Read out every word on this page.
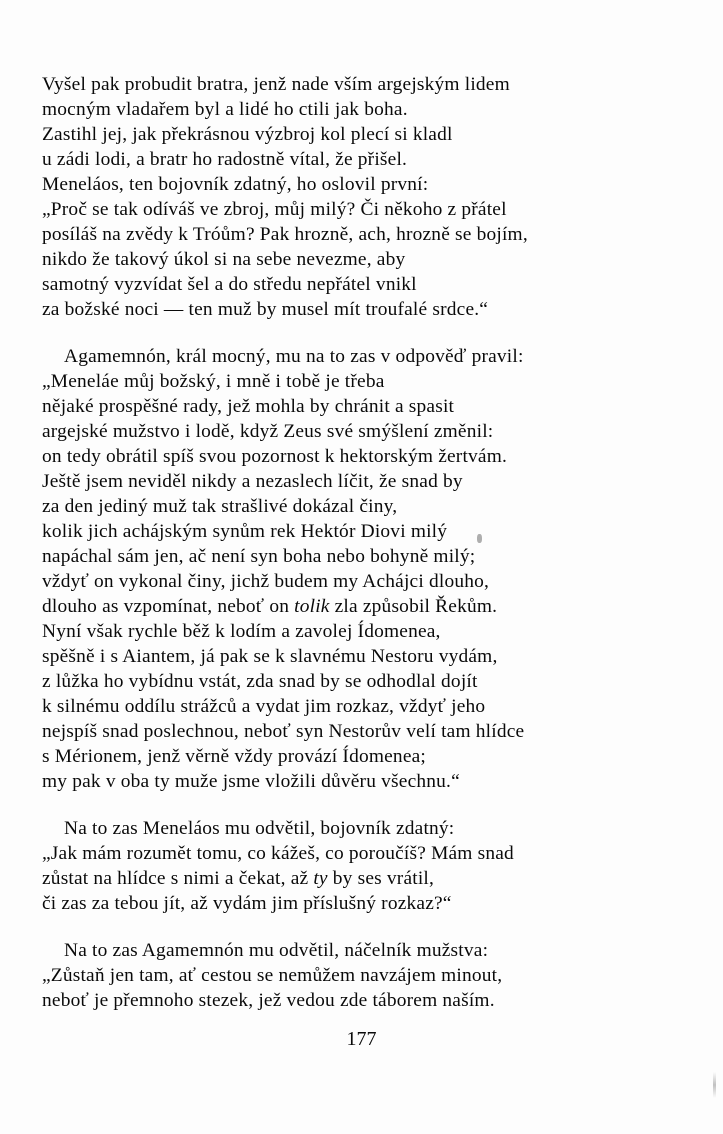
Vyšel pak probudit bratra, jenž nade vším argejským lidem
mocným vladařem byl a lidé ho ctili jak boha.
Zastihl jej, jak překrásnou výzbroj kol plecí si kladl
u zádi lodi, a bratr ho radostně vítal, že přišel.
Meneláos, ten bojovník zdatný, ho oslovil první:
„Proč se tak odíváš ve zbroj, můj milý? Či někoho z přátel
posíláš na zvědy k Tróům? Pak hrozně, ach, hrozně se bojím,
nikdo že takový úkol si na sebe nevezme, aby
samotný vyzvídat šel a do středu nepřátel vnikl
za božské noci — ten muž by musel mít troufalé srdce.“
Agamemnón, král mocný, mu na to zas v odpověď pravil:
„Meneláe můj božský, i mně i tobě je třeba
nějaké prospěšné rady, jež mohla by chránit a spasit
argejské mužstvo i lodě, když Zeus své smýšlení změnil:
on tedy obrátil spíš svou pozornost k hektorským žertvám.
Ještě jsem neviděl nikdy a nezaslech líčit, že snad by
za den jediný muž tak strašlivé dokázal činy,
kolik jich achájským synům rek Hektór Diovi milý
napáchal sám jen, ač není syn boha nebo bohyně milý;
vždyť on vykonal činy, jichž budem my Achájci dlouho,
dlouho as vzpomínat, neboť on tolik zla způsobil Řekům.
Nyní však rychle běž k lodím a zavolej Ídomenea,
spěšně i s Aiantem, já pak se k slavnému Nestoru vydám,
z lůžka ho vybídnu vstát, zda snad by se odhodlal dojít
k silnému oddílu strážců a vydat jim rozkaz, vždyť jeho
nejspíš snad poslechnou, neboť syn Nestorův velí tam hlídce
s Mérionem, jenž věrně vždy provází Ídomenea;
my pak v oba ty muže jsme vložili důvěru všechnu.“
Na to zas Meneláos mu odvětil, bojovník zdatný:
„Jak mám rozumět tomu, co kážeš, co poroučíš? Mám snad
zůstat na hlídce s nimi a čekat, až ty by ses vrátil,
či zas za tebou jít, až vydám jim příslušný rozkaz?“
Na to zas Agamemnón mu odvětil, náčelník mužstva:
„Zůstaň jen tam, ať cestou se nemůžem navzájem minout,
neboť je přemnoho stezek, jež vedou zde táborem naším.
177
